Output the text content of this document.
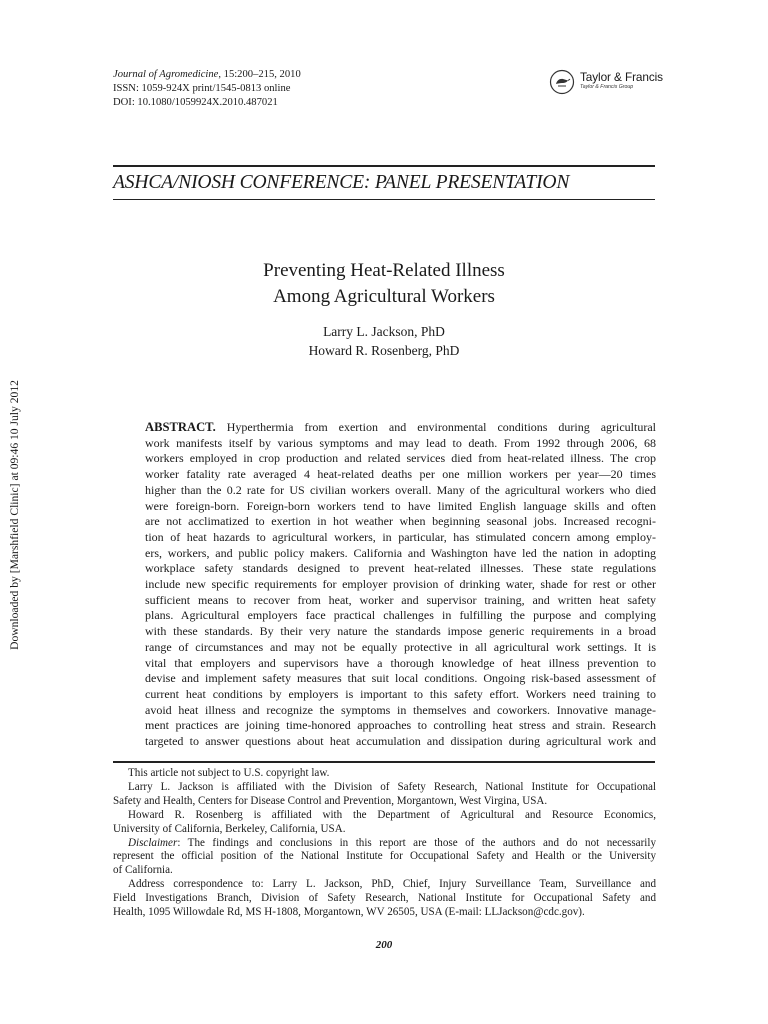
Downloaded by [Marshfield Clinic] at 09:46 10 July 2012
Journal of Agromedicine, 15:200–215, 2010
ISSN: 1059-924X print/1545-0813 online
DOI: 10.1080/1059924X.2010.487021
Taylor & Francis
Taylor & Francis Group
ASHCA/NIOSH CONFERENCE: PANEL PRESENTATION
Preventing Heat-Related Illness
Among Agricultural Workers
Larry L. Jackson, PhD
Howard R. Rosenberg, PhD
ABSTRACT. Hyperthermia from exertion and environmental conditions during agricultural
work manifests itself by various symptoms and may lead to death. From 1992 through 2006, 68
workers employed in crop production and related services died from heat-related illness. The crop
worker fatality rate averaged 4 heat-related deaths per one million workers per year—20 times
higher than the 0.2 rate for US civilian workers overall. Many of the agricultural workers who died
were foreign-born. Foreign-born workers tend to have limited English language skills and often
are not acclimatized to exertion in hot weather when beginning seasonal jobs. Increased recogni-
tion of heat hazards to agricultural workers, in particular, has stimulated concern among employ-
ers, workers, and public policy makers. California and Washington have led the nation in adopting
workplace safety standards designed to prevent heat-related illnesses. These state regulations
include new specific requirements for employer provision of drinking water, shade for rest or other
sufficient means to recover from heat, worker and supervisor training, and written heat safety
plans. Agricultural employers face practical challenges in fulfilling the purpose and complying
with these standards. By their very nature the standards impose generic requirements in a broad
range of circumstances and may not be equally protective in all agricultural work settings. It is
vital that employers and supervisors have a thorough knowledge of heat illness prevention to
devise and implement safety measures that suit local conditions. Ongoing risk-based assessment of
current heat conditions by employers is important to this safety effort. Workers need training to
avoid heat illness and recognize the symptoms in themselves and coworkers. Innovative manage-
ment practices are joining time-honored approaches to controlling heat stress and strain. Research
targeted to answer questions about heat accumulation and dissipation during agricultural work and
This article not subject to U.S. copyright law.
Larry L. Jackson is affiliated with the Division of Safety Research, National Institute for Occupational
Safety and Health, Centers for Disease Control and Prevention, Morgantown, West Virgina, USA.
Howard R. Rosenberg is affiliated with the Department of Agricultural and Resource Economics,
University of California, Berkeley, California, USA.
Disclaimer: The findings and conclusions in this report are those of the authors and do not necessarily
represent the official position of the National Institute for Occupational Safety and Health or the University
of California.
Address correspondence to: Larry L. Jackson, PhD, Chief, Injury Surveillance Team, Surveillance and
Field Investigations Branch, Division of Safety Research, National Institute for Occupational Safety and
Health, 1095 Willowdale Rd, MS H-1808, Morgantown, WV 26505, USA (E-mail: LLJackson@cdc.gov).
200
